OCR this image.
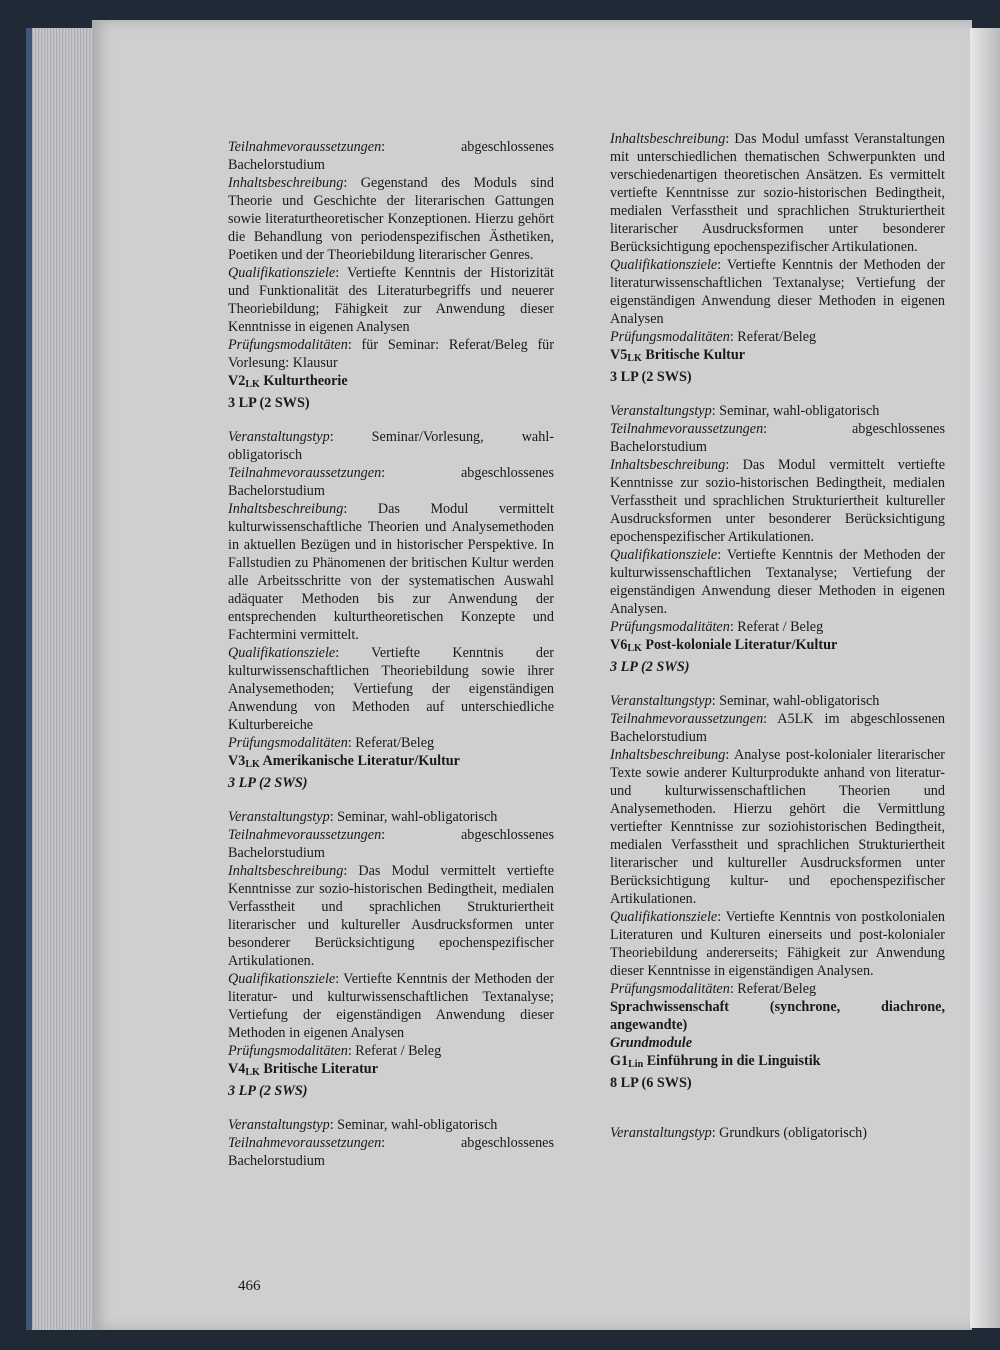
Teilnahmevoraussetzungen: abgeschlossenes Bachelorstudium

Inhaltsbeschreibung: Gegenstand des Moduls sind Theorie und Geschichte der literarischen Gattungen sowie literaturtheoretischer Konzeptionen. Hierzu gehört die Behandlung von periodenspezifischen Ästhetiken, Poetiken und der Theoriebildung literarischer Genres.

Qualifikationsziele: Vertiefte Kenntnis der Historizität und Funktionalität des Literaturbegriffs und neuerer Theoriebildung; Fähigkeit zur Anwendung dieser Kenntnisse in eigenen Analysen

Prüfungsmodalitäten: für Seminar: Referat/Beleg für Vorlesung: Klausur

$V2_{LK}$ Kulturtheorie

3 LP (2 SWS)

Veranstaltungstyp: Seminar/Vorlesung, wahl-obligatorisch

Teilnahmevoraussetzungen: abgeschlossenes Bachelorstudium

Inhaltsbeschreibung: Das Modul vermittelt kulturwissenschaftliche Theorien und Analysemethoden in aktuellen Bezügen und in historischer Perspektive. In Fallstudien zu Phänomenen der britischen Kultur werden alle Arbeitsschritte von der systematischen Auswahl adäquater Methoden bis zur Anwendung der entsprechenden kulturtheoretischen Konzepte und Fachtermini vermittelt.

Qualifikationsziele: Vertiefte Kenntnis der kulturwissenschaftlichen Theoriebildung sowie ihrer Analysemethoden; Vertiefung der eigenständigen Anwendung von Methoden auf unterschiedliche Kulturbereiche

Prüfungsmodalitäten: Referat/Beleg

$V3_{LK}$ Amerikanische Literatur/Kultur

3 LP (2 SWS)

Veranstaltungstyp: Seminar, wahl-obligatorisch

Teilnahmevoraussetzungen: abgeschlossenes Bachelorstudium

Inhaltsbeschreibung: Das Modul vermittelt vertiefte Kenntnisse zur sozio-historischen Bedingtheit, medialen Verfasstheit und sprachlichen Strukturiertheit literarischer und kultureller Ausdrucksformen unter besonderer Berücksichtigung epochenspezifischer Artikulationen.

Qualifikationsziele: Vertiefte Kenntnis der Methoden der literatur- und kulturwissenschaftlichen Textanalyse; Vertiefung der eigenständigen Anwendung dieser Methoden in eigenen Analysen

Prüfungsmodalitäten: Referat / Beleg

$V4_{LK}$ Britische Literatur

3 LP (2 SWS)

Veranstaltungstyp: Seminar, wahl-obligatorisch

Teilnahmevoraussetzungen: abgeschlossenes Bachelorstudium

Inhaltsbeschreibung: Das Modul umfasst Veranstaltungen mit unterschiedlichen thematischen Schwerpunkten und verschiedenartigen theoretischen Ansätzen. Es vermittelt vertiefte Kenntnisse zur sozio-historischen Bedingtheit, medialen Verfasstheit und sprachlichen Strukturiertheit literarischer Ausdrucksformen unter besonderer Berücksichtigung epochenspezifischer Artikulationen.

Qualifikationsziele: Vertiefte Kenntnis der Methoden der literaturwissenschaftlichen Textanalyse; Vertiefung der eigenständigen Anwendung dieser Methoden in eigenen Analysen

Prüfungsmodalitäten: Referat/Beleg

$V5_{LK}$ Britische Kultur

3 LP (2 SWS)

Veranstaltungstyp: Seminar, wahl-obligatorisch

Teilnahmevoraussetzungen: abgeschlossenes Bachelorstudium

Inhaltsbeschreibung: Das Modul vermittelt vertiefte Kenntnisse zur sozio-historischen Bedingtheit, medialen Verfasstheit und sprachlichen Strukturiertheit kultureller Ausdrucksformen unter besonderer Berücksichtigung epochenspezifischer Artikulationen.

Qualifikationsziele: Vertiefte Kenntnis der Methoden der kulturwissenschaftlichen Textanalyse; Vertiefung der eigenständigen Anwendung dieser Methoden in eigenen Analysen.

Prüfungsmodalitäten: Referat / Beleg

$V6_{LK}$ Post-koloniale Literatur/Kultur

3 LP (2 SWS)

Veranstaltungstyp: Seminar, wahl-obligatorisch

Teilnahmevoraussetzungen: A5LK im abgeschlossenen Bachelorstudium

Inhaltsbeschreibung: Analyse post-kolonialer literarischer Texte sowie anderer Kulturprodukte anhand von literatur- und kulturwissenschaftlichen Theorien und Analysemethoden. Hierzu gehört die Vermittlung vertiefter Kenntnisse zur soziohistorischen Bedingtheit, medialen Verfasstheit und sprachlichen Strukturiertheit literarischer und kultureller Ausdrucksformen unter Berücksichtigung kultur- und epochenspezifischer Artikulationen.

Qualifikationsziele: Vertiefte Kenntnis von postkolonialen Literaturen und Kulturen einerseits und post-kolonialer Theoriebildung andererseits; Fähigkeit zur Anwendung dieser Kenntnisse in eigenständigen Analysen.

Prüfungsmodalitäten: Referat/Beleg

Sprachwissenschaft (synchrone, diachrone, angewandte)

Grundmodule

$G1_{Lin}$ Einführung in die Linguistik

8 LP (6 SWS)

Veranstaltungstyp: Grundkurs (obligatorisch)

466
